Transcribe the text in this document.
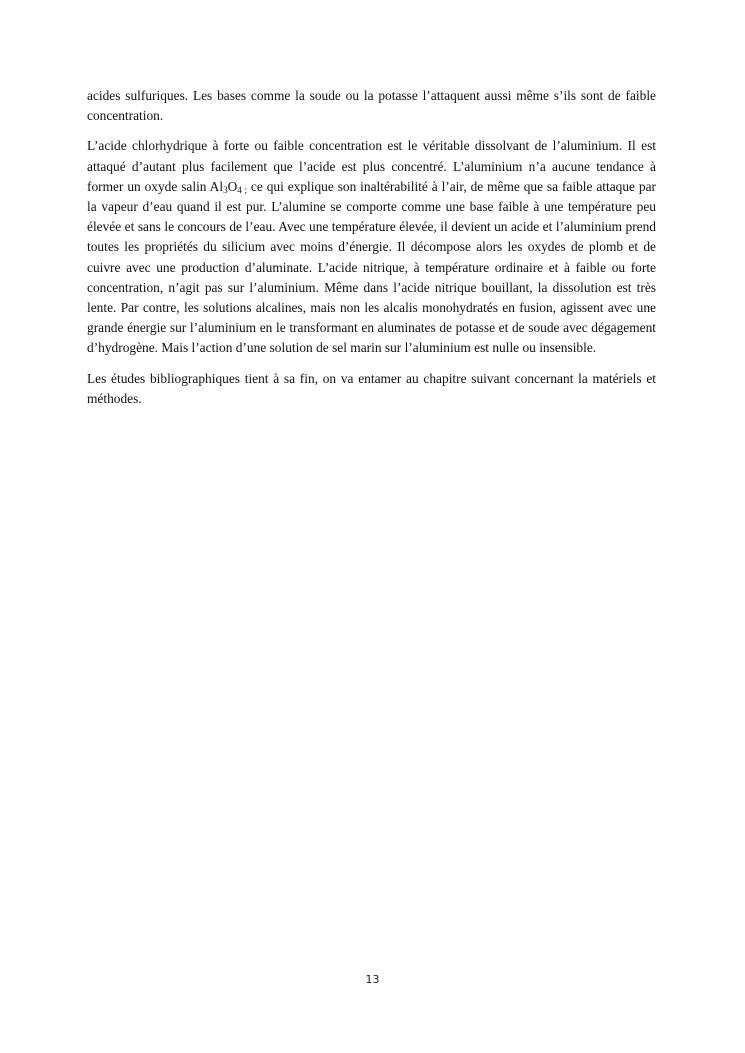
acides sulfuriques. Les bases comme la soude ou la potasse l’attaquent aussi même s’ils sont de faible concentration.

L’acide chlorhydrique à forte ou faible concentration est le véritable dissolvant de l’aluminium. Il est attaqué d’autant plus facilement que l’acide est plus concentré. L’aluminium n’a aucune tendance à former un oxyde salin $Al_3O_{4 ;}$ ce qui explique son inaltérabilité à l’air, de même que sa faible attaque par la vapeur d’eau quand il est pur. L’alumine se comporte comme une base faible à une température peu élevée et sans le concours de l’eau. Avec une température élevée, il devient un acide et l’aluminium prend toutes les propriétés du silicium avec moins d’énergie. Il décompose alors les oxydes de plomb et de cuivre avec une production d’aluminate. L’acide nitrique, à température ordinaire et à faible ou forte concentration, n’agit pas sur l’aluminium. Même dans l’acide nitrique bouillant, la dissolution est très lente. Par contre, les solutions alcalines, mais non les alcalis monohydratés en fusion, agissent avec une grande énergie sur l’aluminium en le transformant en aluminates de potasse et de soude avec dégagement d’hydrogène. Mais l’action d’une solution de sel marin sur l’aluminium est nulle ou insensible.

Les études bibliographiques tient à sa fin, on va entamer au chapitre suivant concernant la matériels et méthodes.

13
